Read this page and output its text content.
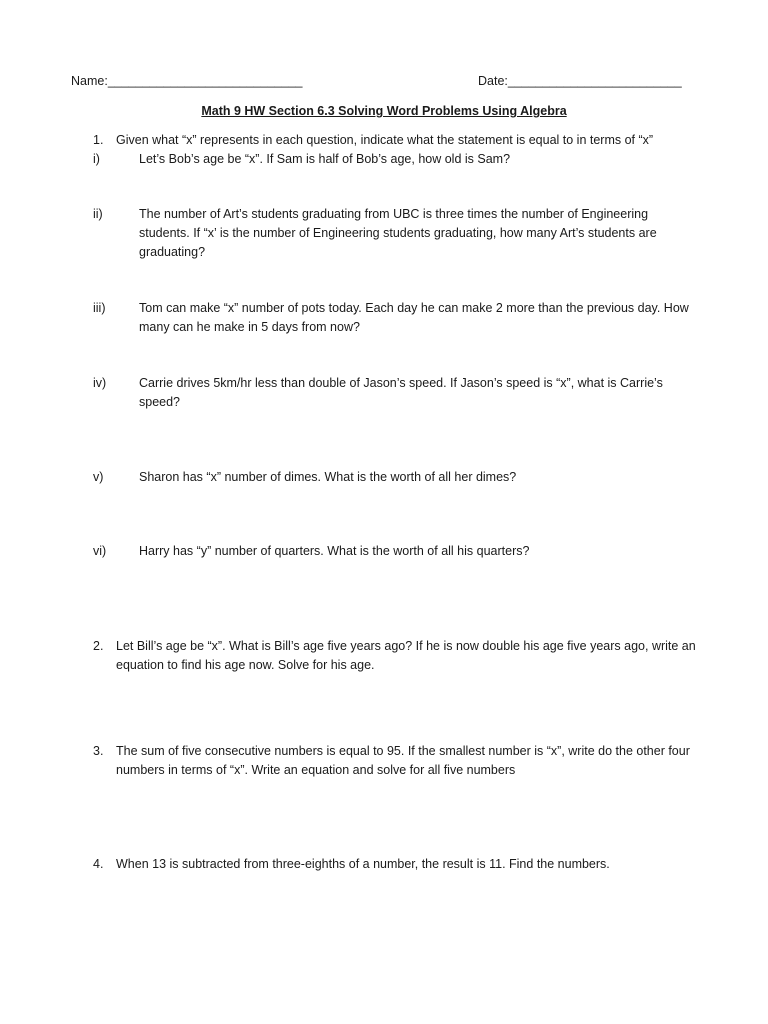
Name:____________________________	Date:_________________________
Math 9 HW Section 6.3 Solving Word Problems Using Algebra
1. Given what “x” represents in each question, indicate what the statement is equal to in terms of “x”
i)	Let’s Bob’s age be “x”. If Sam is half of Bob’s age, how old is Sam?
ii)	The number of Art’s students graduating from UBC is three times the number of Engineering students. If “x’ is the number of Engineering students graduating, how many Art’s students are graduating?
iii)	Tom can make “x” number of pots today. Each day he can make 2 more than the previous day. How many can he make in 5 days from now?
iv)	Carrie drives 5km/hr less than double of Jason’s speed. If Jason’s speed is “x”, what is Carrie’s speed?
v)	Sharon has “x” number of dimes. What is the worth of all her dimes?
vi)	Harry has “y” number of quarters. What is the worth of all his quarters?
2. Let Bill’s age be “x”. What is Bill’s age five years ago? If he is now double his age five years ago, write an equation to find his age now. Solve for his age.
3. The sum of five consecutive numbers is equal to 95. If the smallest number is “x”, write do the other four numbers in terms of “x”. Write an equation and solve for all five numbers
4. When 13 is subtracted from three-eighths of a number, the result is 11. Find the numbers.
